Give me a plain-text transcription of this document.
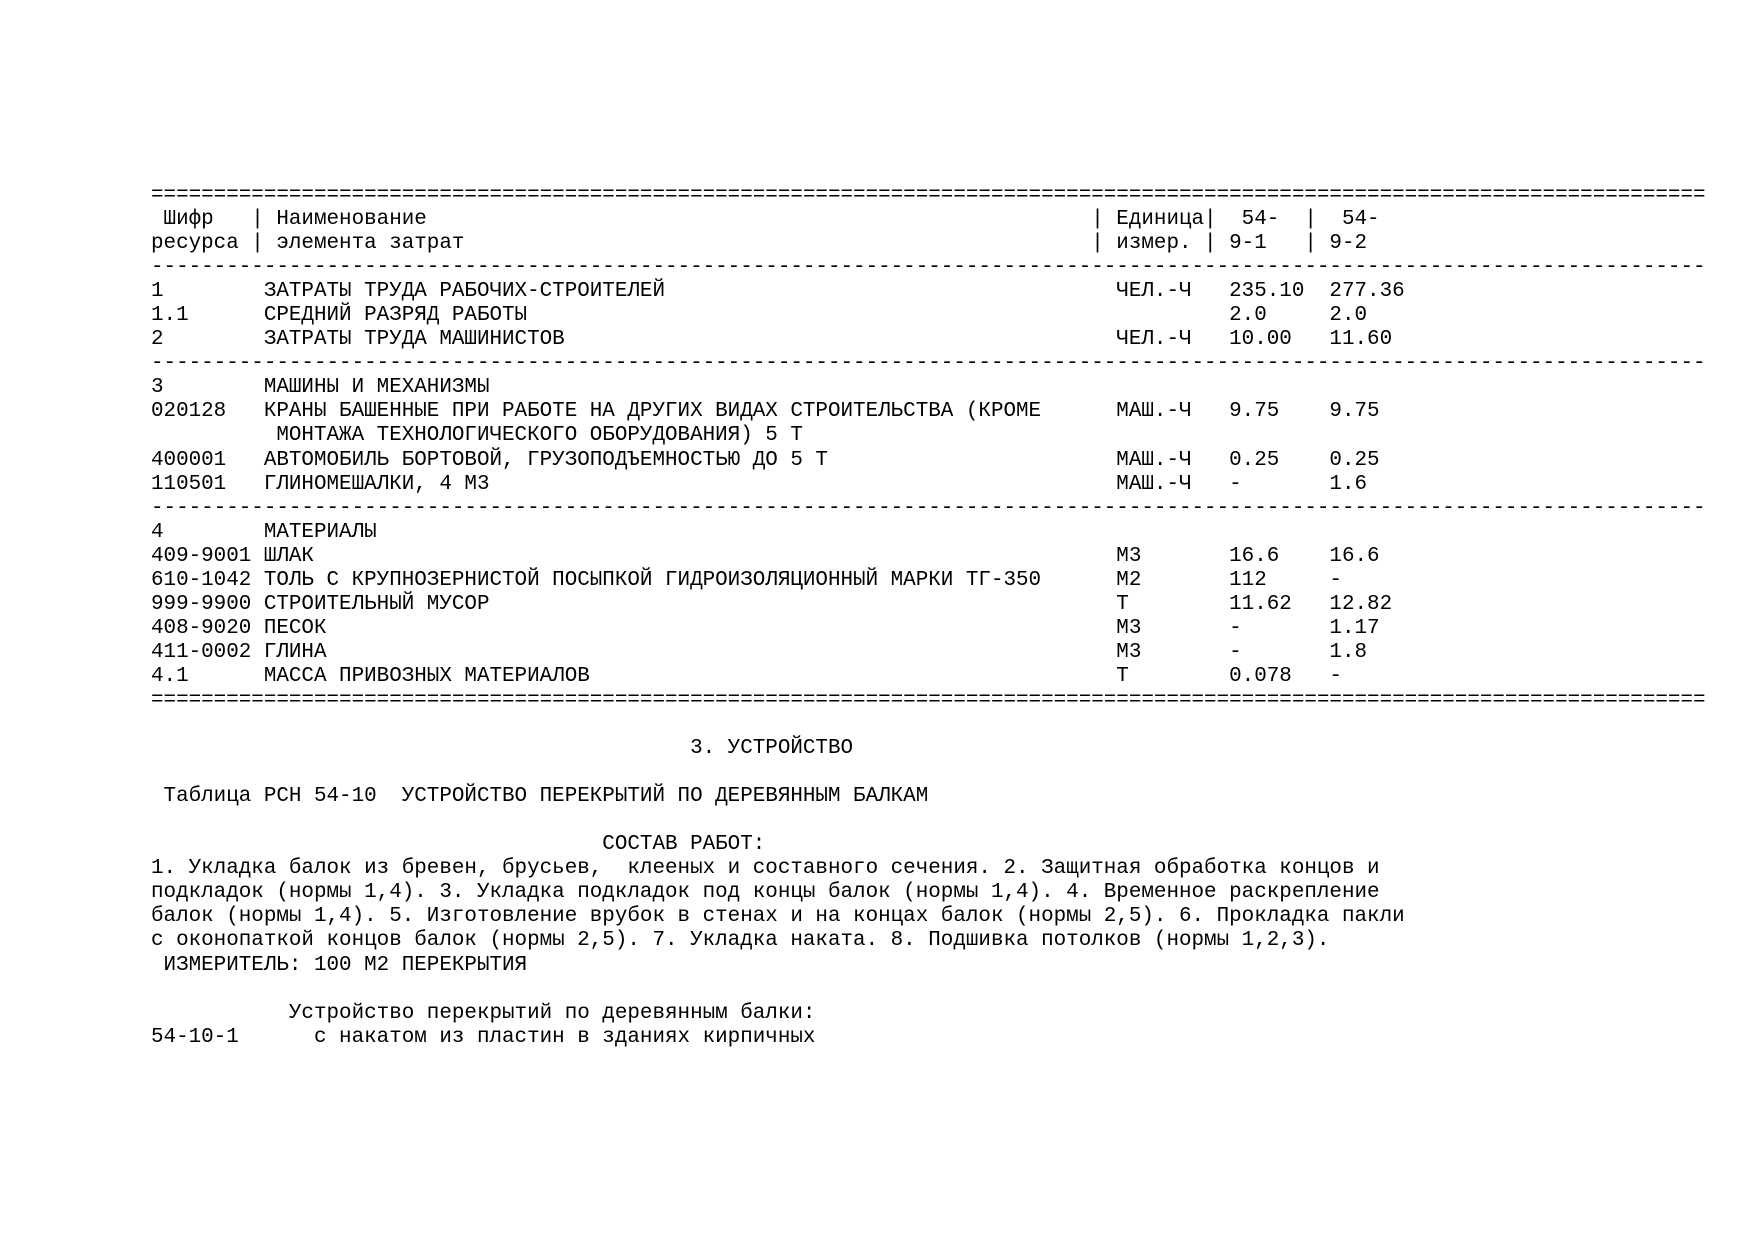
============================================================================================================================
Шифр   | Наименование                                                     | Единица|  54-  |  54-
ресурса | элемента затрат                                                  | измер. | 9-1   | 9-2
----------------------------------------------------------------------------------------------------------------------------
1        ЗАТРАТЫ ТРУДА РАБОЧИХ-СТРОИТЕЛЕЙ                                    ЧЕЛ.-Ч   235.10  277.36
1.1      СРЕДНИЙ РАЗРЯД РАБОТЫ                                                        2.0     2.0
2        ЗАТРАТЫ ТРУДА МАШИНИСТОВ                                            ЧЕЛ.-Ч   10.00   11.60
----------------------------------------------------------------------------------------------------------------------------
3        МАШИНЫ И МЕХАНИЗМЫ
020128   КРАНЫ БАШЕННЫЕ ПРИ РАБОТЕ НА ДРУГИХ ВИДАХ СТРОИТЕЛЬСТВА (КРОМЕ      МАШ.-Ч   9.75    9.75
МОНТАЖА ТЕХНОЛОГИЧЕСКОГО ОБОРУДОВАНИЯ) 5 Т
400001   АВТОМОБИЛЬ БОРТОВОЙ, ГРУЗОПОДЪЕМНОСТЬЮ ДО 5 Т                       МАШ.-Ч   0.25    0.25
110501   ГЛИНОМЕШАЛКИ, 4 М3                                                  МАШ.-Ч   -       1.6
----------------------------------------------------------------------------------------------------------------------------
4        МАТЕРИАЛЫ
409-9001 ШЛАК                                                                М3       16.6    16.6
610-1042 ТОЛЬ С КРУПНОЗЕРНИСТОЙ ПОСЫПКОЙ ГИДРОИЗОЛЯЦИОННЫЙ МАРКИ ТГ-350      М2       112     -
999-9900 СТРОИТЕЛЬНЫЙ МУСОР                                                  Т        11.62   12.82
408-9020 ПЕСОК                                                               М3       -       1.17
411-0002 ГЛИНА                                                               М3       -       1.8
4.1      МАССА ПРИВОЗНЫХ МАТЕРИАЛОВ                                          Т        0.078   -
============================================================================================================================
3. УСТРОЙСТВО
Таблица РСН 54-10  УСТРОЙСТВО ПЕРЕКРЫТИЙ ПО ДЕРЕВЯННЫМ БАЛКАМ
СОСТАВ РАБОТ:
1. Укладка балок из бревен, брусьев,  клееных и составного сечения. 2. Защитная обработка концов и
подкладок (нормы 1,4). 3. Укладка подкладок под концы балок (нормы 1,4). 4. Временное раскрепление
балок (нормы 1,4). 5. Изготовление врубок в стенах и на концах балок (нормы 2,5). 6. Прокладка пакли
с оконопаткой концов балок (нормы 2,5). 7. Укладка наката. 8. Подшивка потолков (нормы 1,2,3).
ИЗМЕРИТЕЛЬ: 100 М2 ПЕРЕКРЫТИЯ
Устройство перекрытий по деревянным балки:
54-10-1      с накатом из пластин в зданиях кирпичных
